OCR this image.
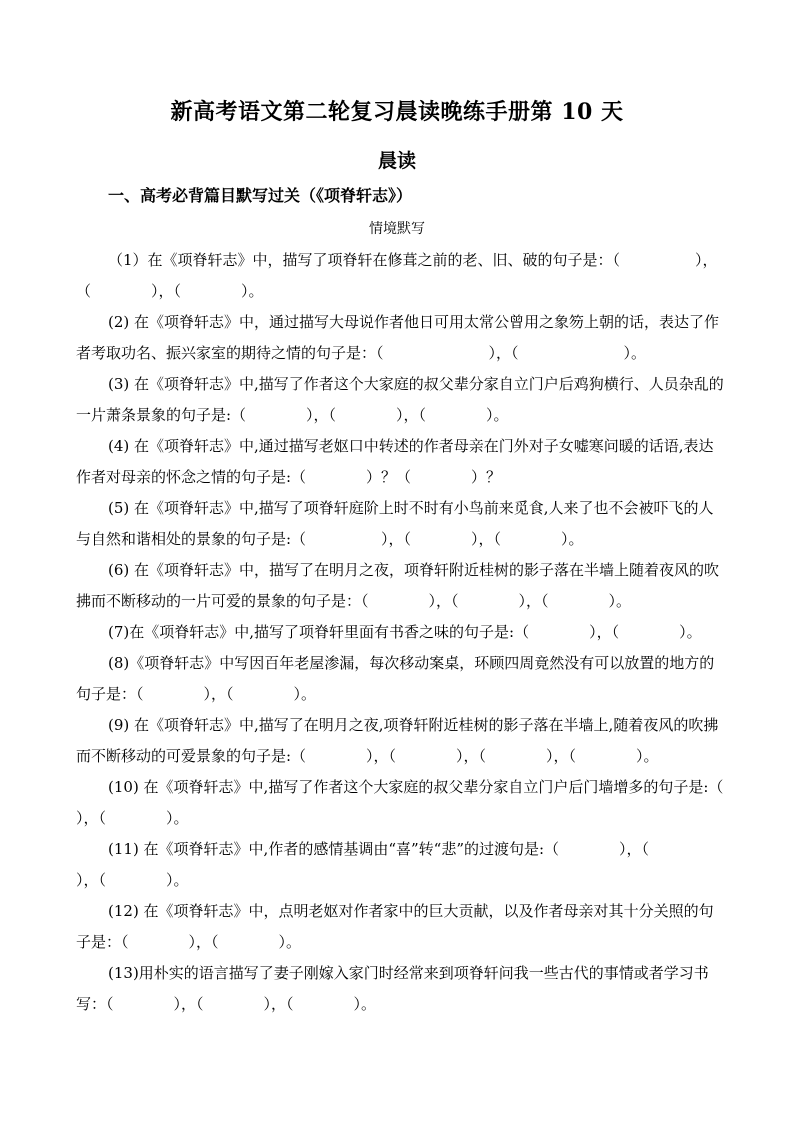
新高考语文第二轮复习晨读晚练手册第 10 天
晨读
一、高考必背篇目默写过关（《项脊轩志》）
情境默写
（1）在《项脊轩志》中，描写了项脊轩在修葺之前的老、旧、破的句子是：（　　　　　），（　　　　），（　　　　）。
(2) 在《项脊轩志》中，通过描写大母说作者他日可用太常公曾用之象笏上朝的话，表达了作者考取功名、振兴家室的期待之情的句子是：（　　　　　　　），（　　　　　　　）。
(3) 在《项脊轩志》中,描写了作者这个大家庭的叔父辈分家自立门户后鸡狗横行、人员杂乱的一片萧条景象的句子是:（　　　　），（　　　　），（　　　　）。
(4) 在《项脊轩志》中,通过描写老妪口中转述的作者母亲在门外对子女嘘寒问暖的话语,表达作者对母亲的怀念之情的句子是:（　　　　）？（　　　　）？
(5) 在《项脊轩志》中,描写了项脊轩庭阶上时不时有小鸟前来觅食,人来了也不会被吓飞的人与自然和谐相处的景象的句子是:（　　　　　），（　　　　），（　　　　）。
(6) 在《项脊轩志》中，描写了在明月之夜，项脊轩附近桂树的影子落在半墙上随着夜风的吹拂而不断移动的一片可爱的景象的句子是：（　　　　），（　　　　），（　　　　）。
(7)在《项脊轩志》中,描写了项脊轩里面有书香之味的句子是:（　　　　），（　　　　）。
(8)《项脊轩志》中写因百年老屋渗漏，每次移动案桌，环顾四周竟然没有可以放置的地方的句子是：（　　　　），（　　　　）。
(9) 在《项脊轩志》中,描写了在明月之夜,项脊轩附近桂树的影子落在半墙上,随着夜风的吹拂而不断移动的可爱景象的句子是:（　　　　），（　　　　），（　　　　），（　　　　）。
(10) 在《项脊轩志》中,描写了作者这个大家庭的叔父辈分家自立门户后门墙增多的句子是:（　　　　），（　　　　）。
(11) 在《项脊轩志》中,作者的感情基调由“喜”转“悲”的过渡句是:（　　　　），（　　　　），（　　　　）。
(12) 在《项脊轩志》中，点明老妪对作者家中的巨大贡献，以及作者母亲对其十分关照的句子是：（　　　　），（　　　　）。
(13)用朴实的语言描写了妻子刚嫁入家门时经常来到项脊轩问我一些古代的事情或者学习书写：（　　　　），（　　　　），（　　　　）。
